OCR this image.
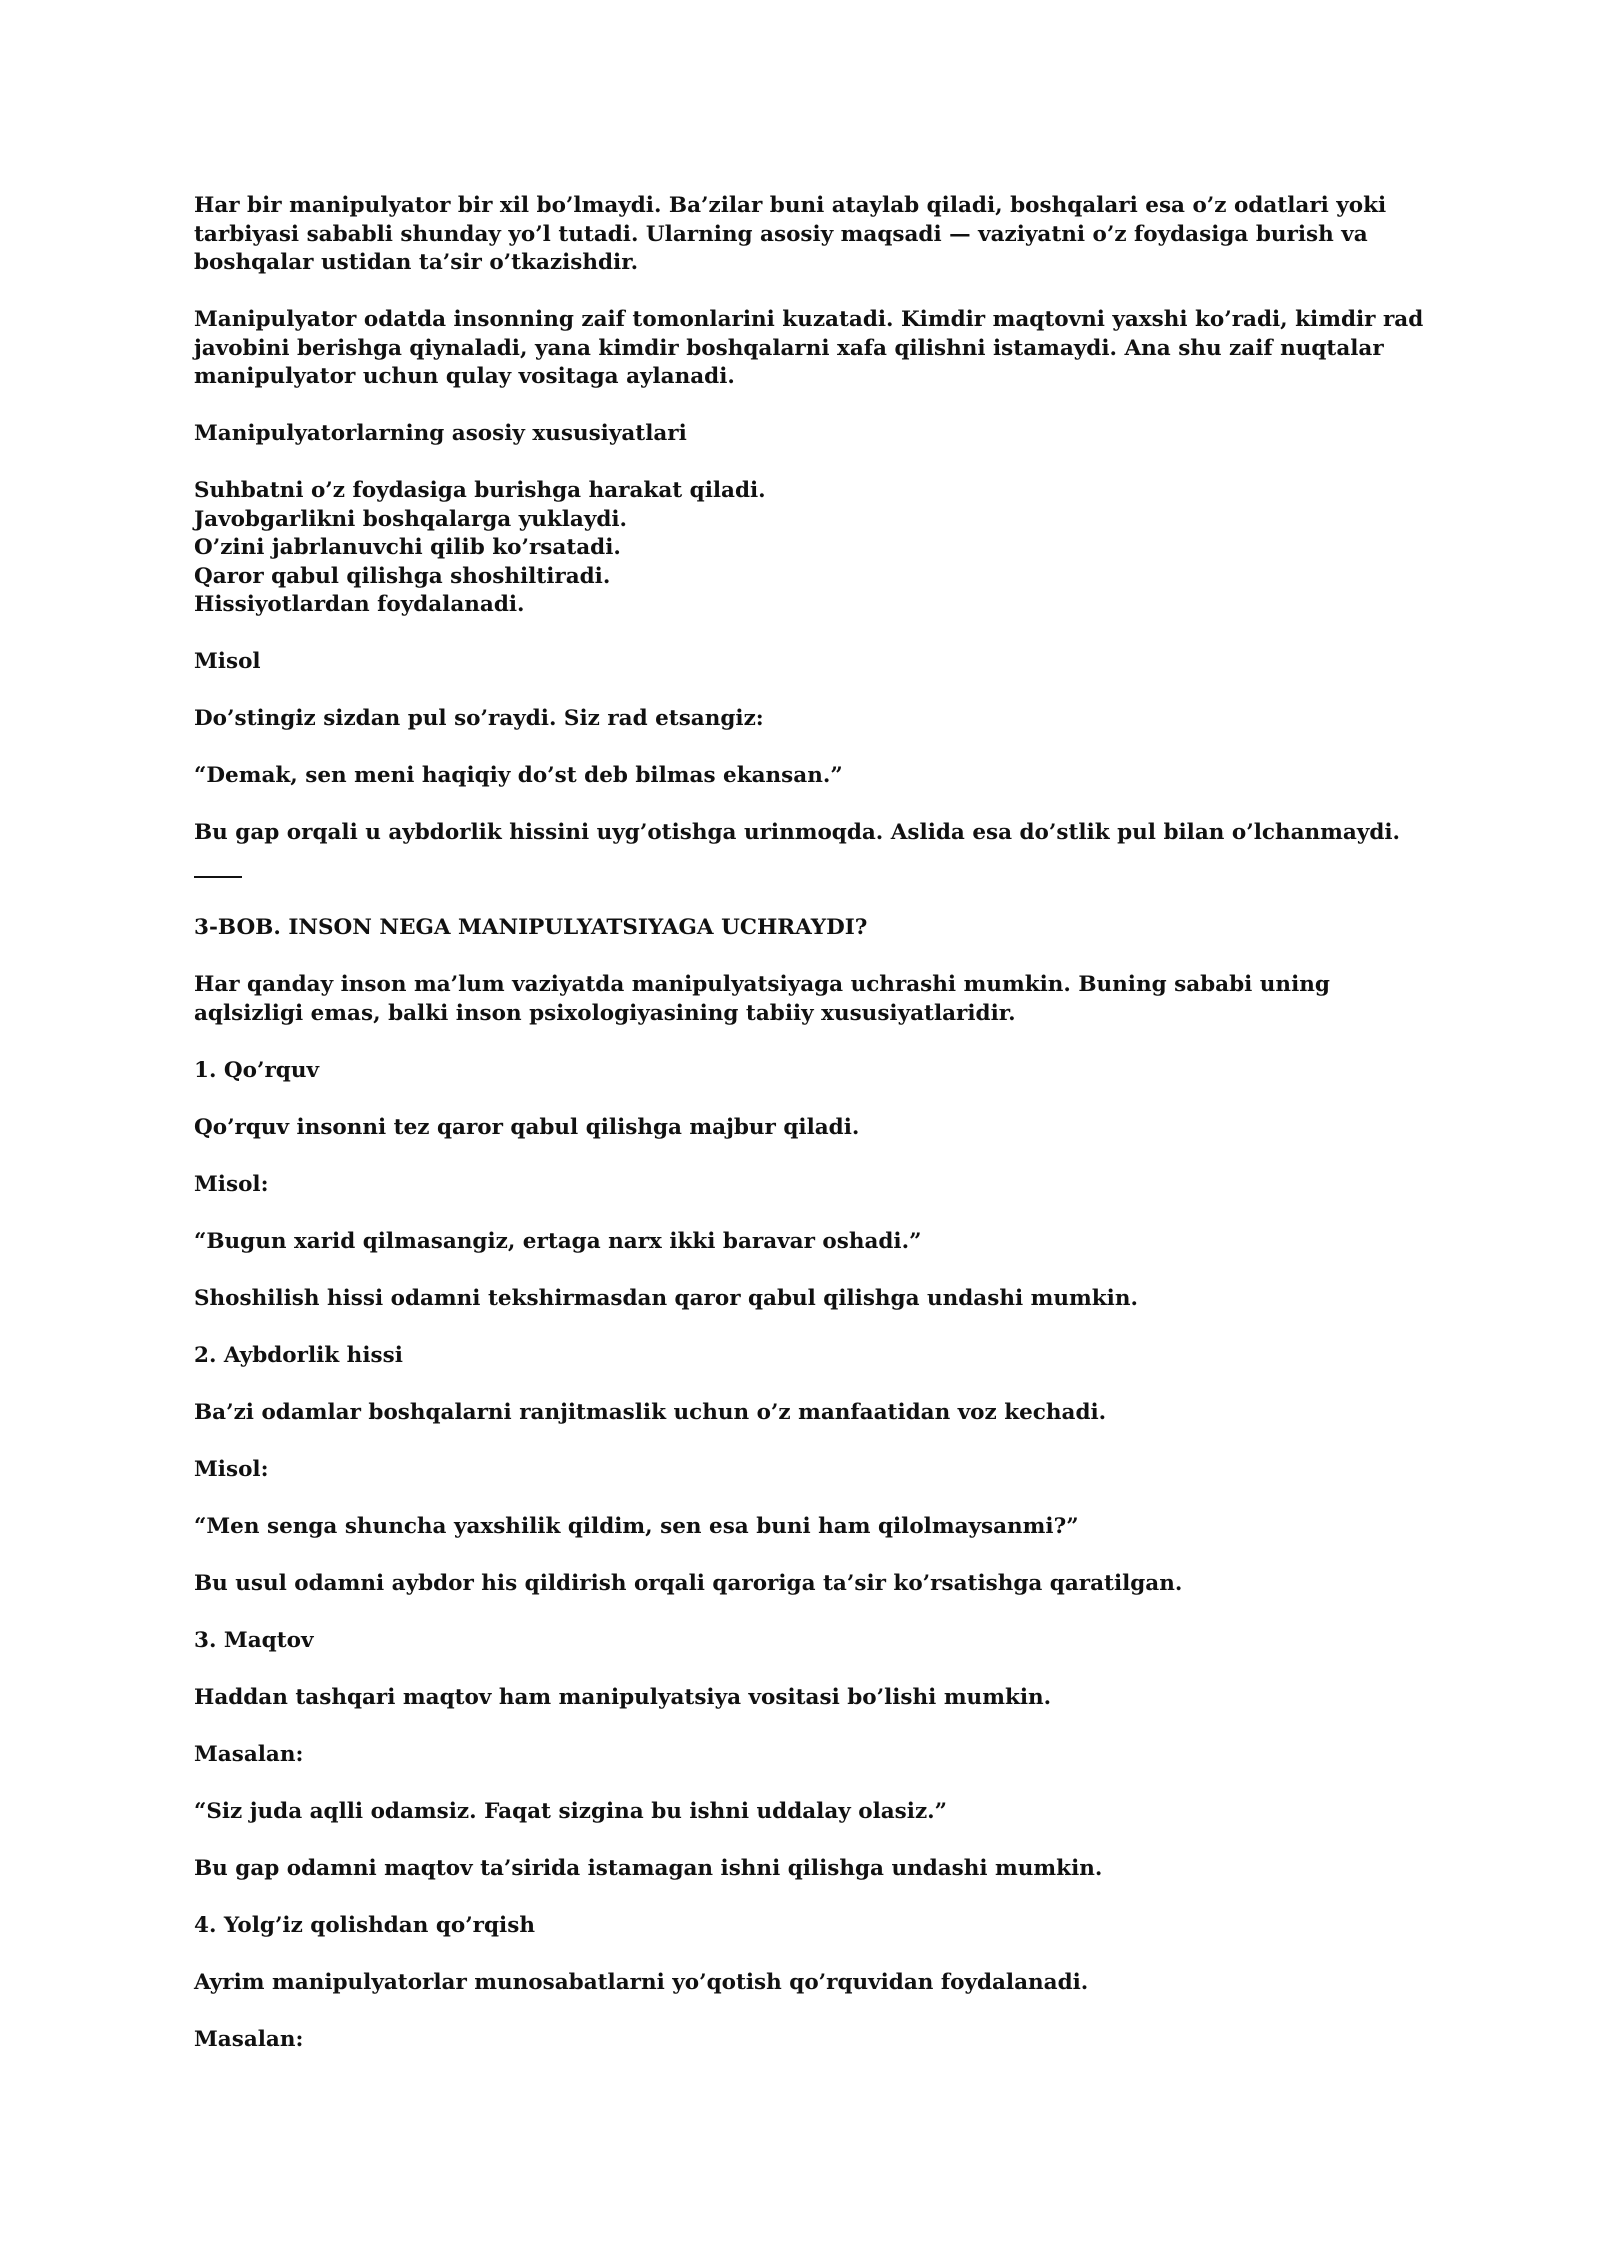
Har bir manipulyator bir xil bo’lmaydi. Ba’zilar buni ataylab qiladi, boshqalari esa o’z odatlari yoki tarbiyasi sababli shunday yo’l tutadi. Ularning asosiy maqsadi — vaziyatni o’z foydasiga burish va boshqalar ustidan ta’sir o’tkazishdir.

Manipulyator odatda insonning zaif tomonlarini kuzatadi. Kimdir maqtovni yaxshi ko’radi, kimdir rad javobini berishga qiynaladi, yana kimdir boshqalarni xafa qilishni istamaydi. Ana shu zaif nuqtalar manipulyator uchun qulay vositaga aylanadi.

Manipulyatorlarning asosiy xususiyatlari

Suhbatni o’z foydasiga burishga harakat qiladi.

Javobgarlikni boshqalarga yuklaydi.

O’zini jabrlanuvchi qilib ko’rsatadi.

Qaror qabul qilishga shoshiltiradi.

Hissiyotlardan foydalanadi.

Misol

Do’stingiz sizdan pul so’raydi. Siz rad etsangiz:

“Demak, sen meni haqiqiy do’st deb bilmas ekansan.”

Bu gap orqali u aybdorlik hissini uyg’otishga urinmoqda. Aslida esa do’stlik pul bilan o’lchanmaydi.

3-BOB. INSON NEGA MANIPULYATSIYAGA UCHRAYDI?

Har qanday inson ma’lum vaziyatda manipulyatsiyaga uchrashi mumkin. Buning sababi uning aqlsizligi emas, balki inson psixologiyasining tabiiy xususiyatlaridir.

1. Qo’rquv

Qo’rquv insonni tez qaror qabul qilishga majbur qiladi.

Misol:

“Bugun xarid qilmasangiz, ertaga narx ikki baravar oshadi.”

Shoshilish hissi odamni tekshirmasdan qaror qabul qilishga undashi mumkin.

2. Aybdorlik hissi

Ba’zi odamlar boshqalarni ranjitmaslik uchun o’z manfaatidan voz kechadi.

Misol:

“Men senga shuncha yaxshilik qildim, sen esa buni ham qilolmaysanmi?”

Bu usul odamni aybdor his qildirish orqali qaroriga ta’sir ko’rsatishga qaratilgan.

3. Maqtov

Haddan tashqari maqtov ham manipulyatsiya vositasi bo’lishi mumkin.

Masalan:

“Siz juda aqlli odamsiz. Faqat sizgina bu ishni uddalay olasiz.”

Bu gap odamni maqtov ta’sirida istamagan ishni qilishga undashi mumkin.

4. Yolg’iz qolishdan qo’rqish

Ayrim manipulyatorlar munosabatlarni yo’qotish qo’rquvidan foydalanadi.

Masalan:
